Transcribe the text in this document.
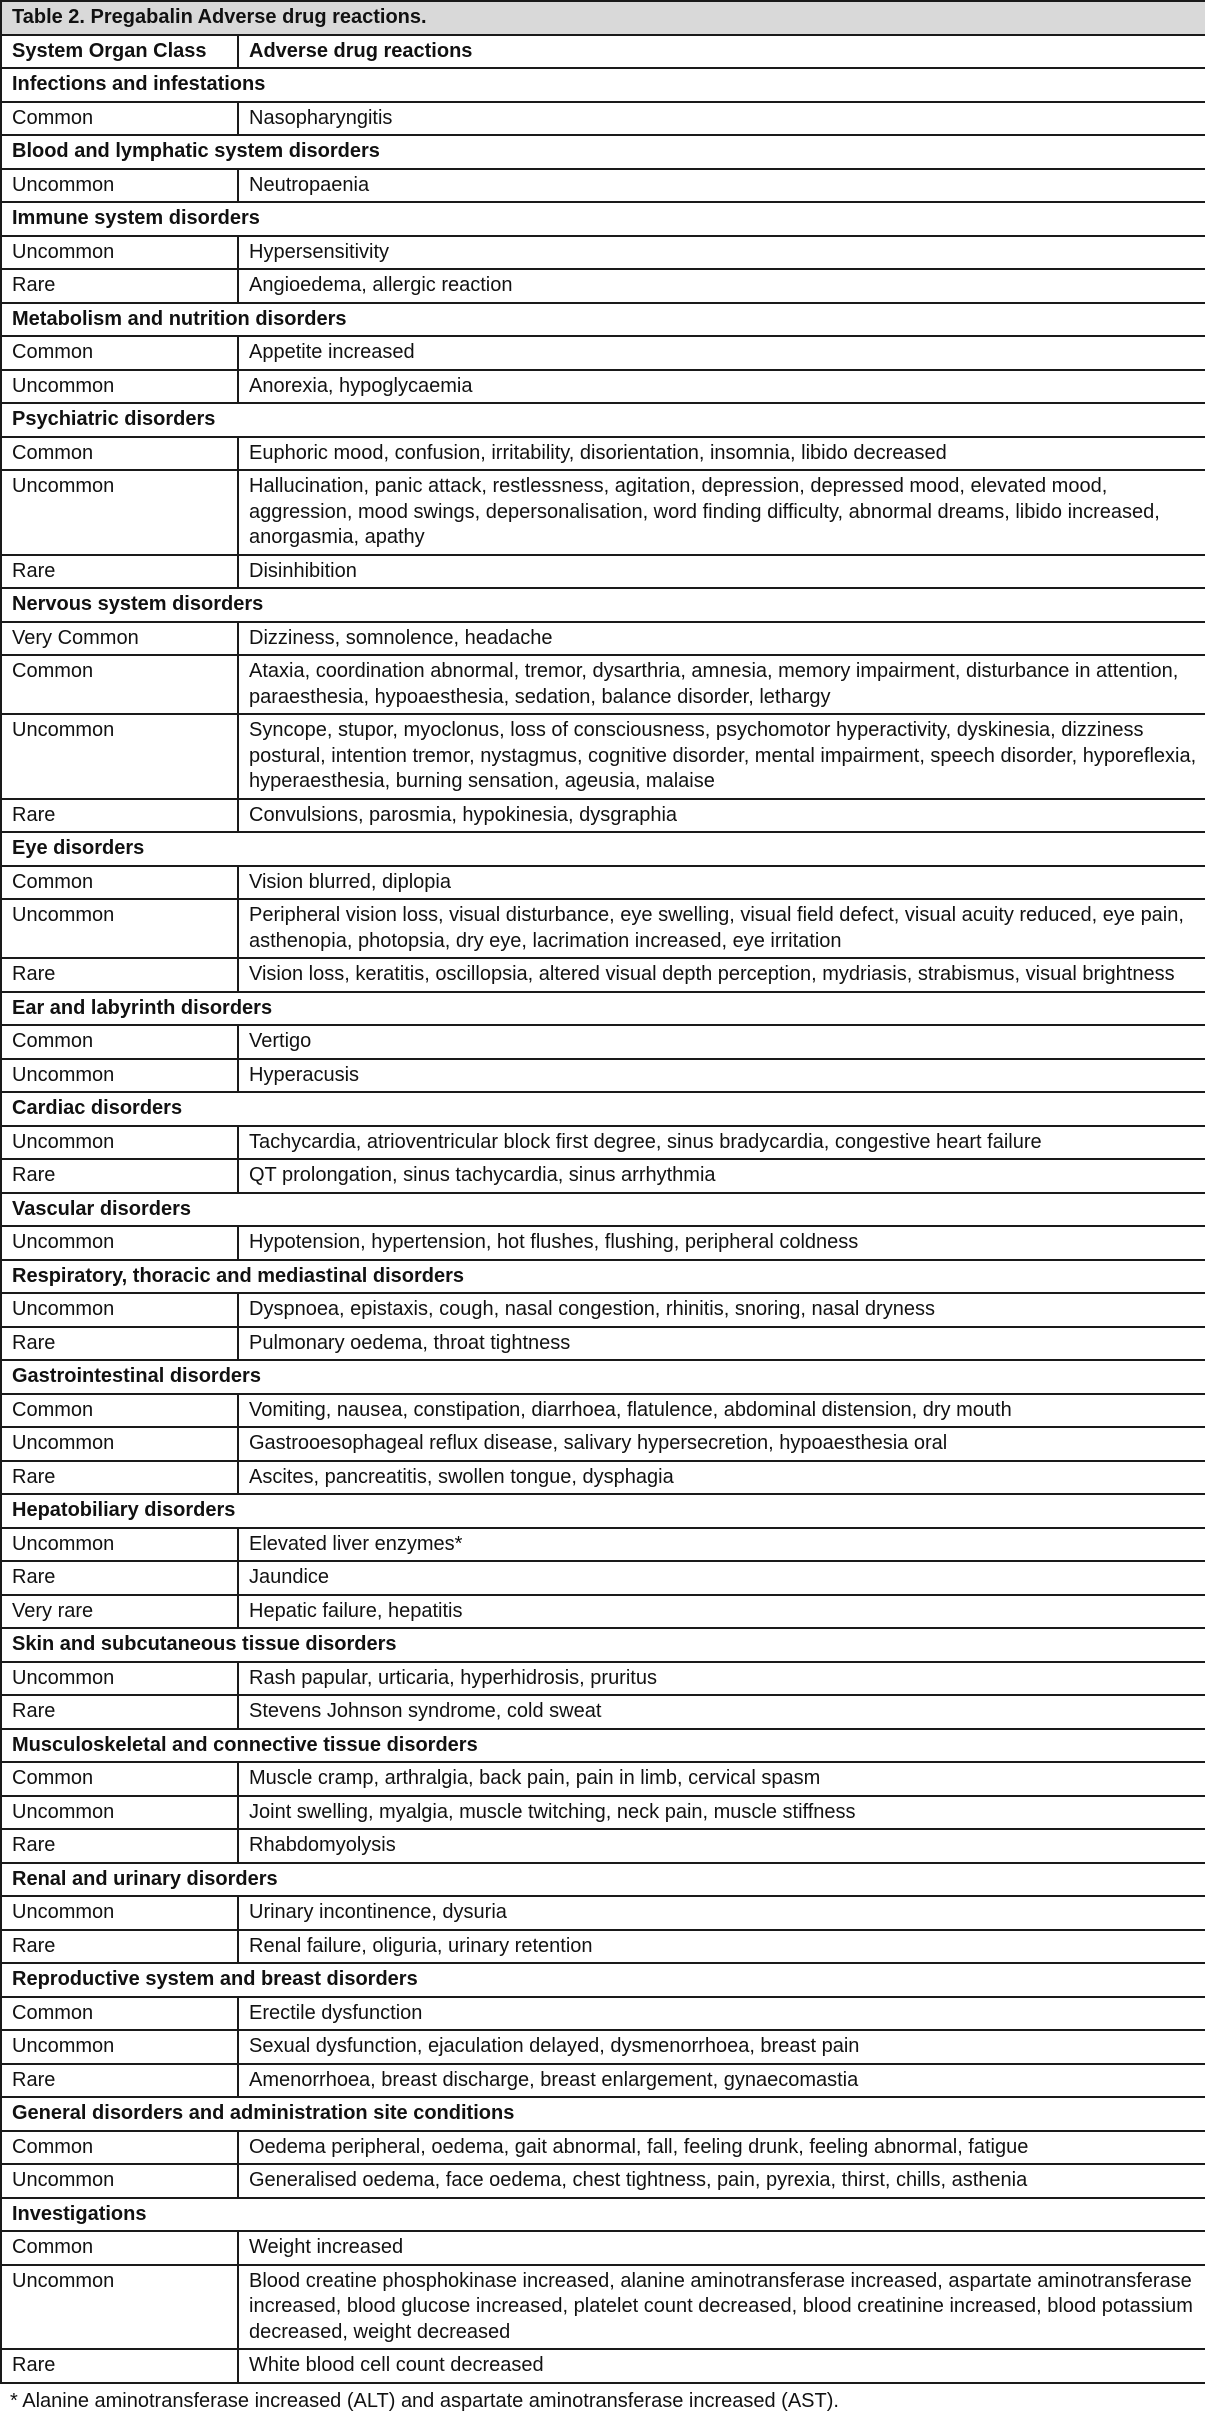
Table 2. Pregabalin Adverse drug reactions.	
System Organ Class	Adverse drug reactions
Infections and infestations	
Common	Nasopharyngitis
Blood and lymphatic system disorders	
Uncommon	Neutropaenia
Immune system disorders	
Uncommon	Hypersensitivity
Rare	Angioedema, allergic reaction
Metabolism and nutrition disorders	
Common	Appetite increased
Uncommon	Anorexia, hypoglycaemia
Psychiatric disorders	
Common	Euphoric mood, confusion, irritability, disorientation, insomnia, libido decreased
Uncommon	Hallucination, panic attack, restlessness, agitation, depression, depressed mood, elevated mood, aggression, mood swings, depersonalisation, word finding difficulty, abnormal dreams, libido increased, anorgasmia, apathy
Rare	Disinhibition
Nervous system disorders	
Very Common	Dizziness, somnolence, headache
Common	Ataxia, coordination abnormal, tremor, dysarthria, amnesia, memory impairment, disturbance in attention, paraesthesia, hypoaesthesia, sedation, balance disorder, lethargy
Uncommon	Syncope, stupor, myoclonus, loss of consciousness, psychomotor hyperactivity, dyskinesia, dizziness postural, intention tremor, nystagmus, cognitive disorder, mental impairment, speech disorder, hyporeflexia, hyperaesthesia, burning sensation, ageusia, malaise
Rare	Convulsions, parosmia, hypokinesia, dysgraphia
Eye disorders	
Common	Vision blurred, diplopia
Uncommon	Peripheral vision loss, visual disturbance, eye swelling, visual field defect, visual acuity reduced, eye pain, asthenopia, photopsia, dry eye, lacrimation increased, eye irritation
Rare	Vision loss, keratitis, oscillopsia, altered visual depth perception, mydriasis, strabismus, visual brightness
Ear and labyrinth disorders	
Common	Vertigo
Uncommon	Hyperacusis
Cardiac disorders	
Uncommon	Tachycardia, atrioventricular block first degree, sinus bradycardia, congestive heart failure
Rare	QT prolongation, sinus tachycardia, sinus arrhythmia
Vascular disorders	
Uncommon	Hypotension, hypertension, hot flushes, flushing, peripheral coldness
Respiratory, thoracic and mediastinal disorders	
Uncommon	Dyspnoea, epistaxis, cough, nasal congestion, rhinitis, snoring, nasal dryness
Rare	Pulmonary oedema, throat tightness
Gastrointestinal disorders	
Common	Vomiting, nausea, constipation, diarrhoea, flatulence, abdominal distension, dry mouth
Uncommon	Gastrooesophageal reflux disease, salivary hypersecretion, hypoaesthesia oral
Rare	Ascites, pancreatitis, swollen tongue, dysphagia
Hepatobiliary disorders	
Uncommon	Elevated liver enzymes*
Rare	Jaundice
Very rare	Hepatic failure, hepatitis
Skin and subcutaneous tissue disorders	
Uncommon	Rash papular, urticaria, hyperhidrosis, pruritus
Rare	Stevens Johnson syndrome, cold sweat
Musculoskeletal and connective tissue disorders	
Common	Muscle cramp, arthralgia, back pain, pain in limb, cervical spasm
Uncommon	Joint swelling, myalgia, muscle twitching, neck pain, muscle stiffness
Rare	Rhabdomyolysis
Renal and urinary disorders	
Uncommon	Urinary incontinence, dysuria
Rare	Renal failure, oliguria, urinary retention
Reproductive system and breast disorders	
Common	Erectile dysfunction
Uncommon	Sexual dysfunction, ejaculation delayed, dysmenorrhoea, breast pain
Rare	Amenorrhoea, breast discharge, breast enlargement, gynaecomastia
General disorders and administration site conditions	
Common	Oedema peripheral, oedema, gait abnormal, fall, feeling drunk, feeling abnormal, fatigue
Uncommon	Generalised oedema, face oedema, chest tightness, pain, pyrexia, thirst, chills, asthenia
Investigations	
Common	Weight increased
Uncommon	Blood creatine phosphokinase increased, alanine aminotransferase increased, aspartate aminotransferase increased, blood glucose increased, platelet count decreased, blood creatinine increased, blood potassium decreased, weight decreased
Rare	White blood cell count decreased
* Alanine aminotransferase increased (ALT) and aspartate aminotransferase increased (AST).
